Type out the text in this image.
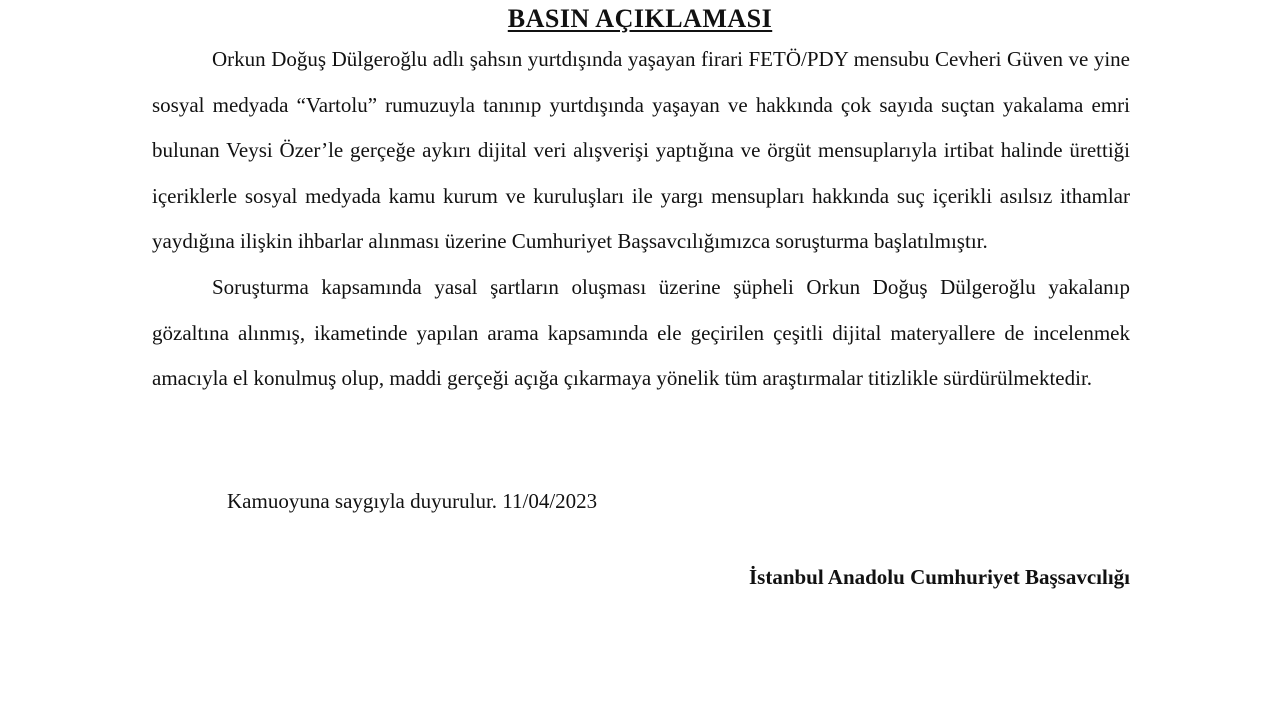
BASIN AÇIKLAMASI

Orkun Doğuş Dülgeroğlu adlı şahsın yurtdışında yaşayan firari FETÖ/PDY mensubu Cevheri Güven ve yine sosyal medyada “Vartolu” rumuzuyla tanınıp yurtdışında yaşayan ve hakkında çok sayıda suçtan yakalama emri bulunan Veysi Özer’le gerçeğe aykırı dijital veri alışverişi yaptığına ve örgüt mensuplarıyla irtibat halinde ürettiği içeriklerle sosyal medyada kamu kurum ve kuruluşları ile yargı mensupları hakkında suç içerikli asılsız ithamlar yaydığına ilişkin ihbarlar alınması üzerine Cumhuriyet Başsavcılığımızca soruşturma başlatılmıştır.

Soruşturma kapsamında yasal şartların oluşması üzerine şüpheli Orkun Doğuş Dülgeroğlu yakalanıp gözaltına alınmış, ikametinde yapılan arama kapsamında ele geçirilen çeşitli dijital materyallere de incelenmek amacıyla el konulmuş olup, maddi gerçeği açığa çıkarmaya yönelik tüm araştırmalar titizlikle sürdürülmektedir.

Kamuoyuna saygıyla duyurulur. 11/04/2023
İstanbul Anadolu Cumhuriyet Başsavcılığı
